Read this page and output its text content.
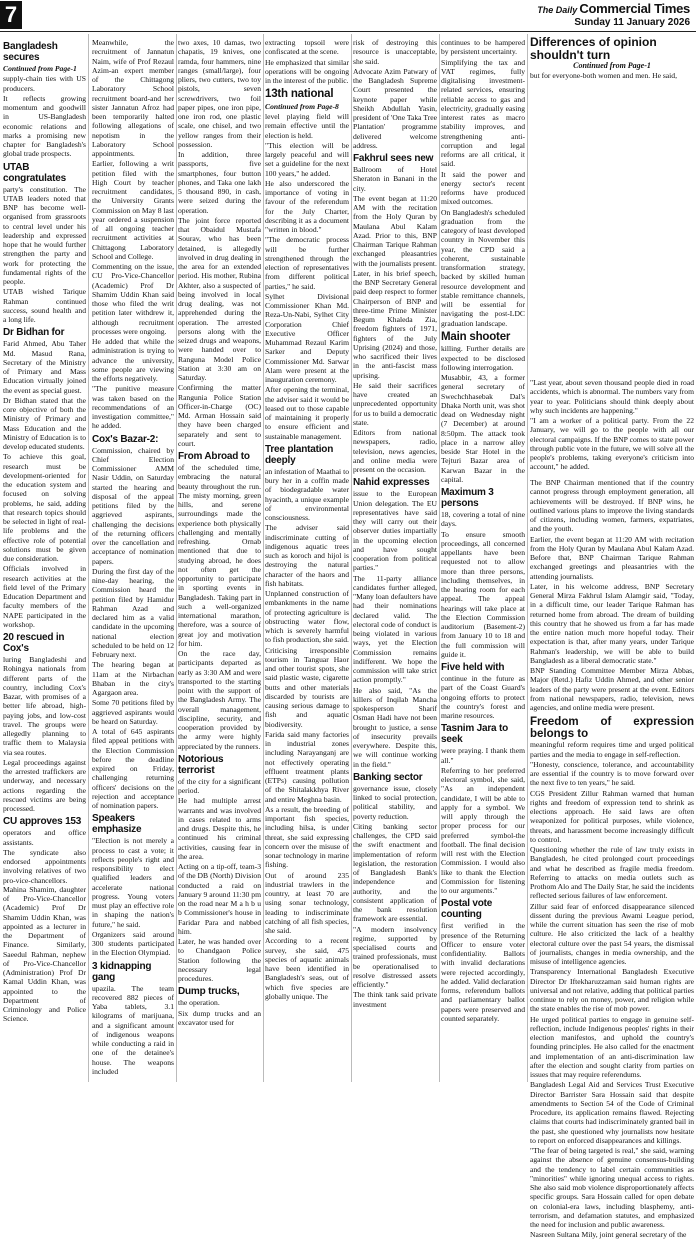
7	The Daily Commercial Times
Sunday 11 January 2026
Bangladesh secures
Continued from Page-1

supply-chain ties with US producers.

It reflects growing momentum and goodwill in US-Bangladesh economic relations and marks a promising new chapter for Bangladesh's global trade prospects.

UTAB congratulates

party's constitution. The UTAB leaders noted that BNP has become well-organised from grassroots to central level under his leadership and expressed hope that he would further strengthen the party and work for protecting the fundamental rights of the people.

UTAB wished Tarique Rahman continued success, sound health and a long life.

Dr Bidhan for

Farid Ahmed, Abu Taher Md. Masud Rana, Secretary of the Ministry of Primary and Mass Education virtually joined the event as special guest.

Dr Bidhan stated that the core objective of both the Ministry of Primary and Mass Education and the Ministry of Education is to develop educated students.

To achieve this goal, research must be development-oriented for the education system and focused on solving problems, he said, adding that research topics should be selected in light of real-life problems and the effective role of potential solutions must be given due consideration.

Officials involved in research activities at the field level of the Primary Education Department and faculty members of the NAPE participated in the workshop.

20 rescued in Cox's

luring Bangladeshi and Rohingya nationals from different parts of the country, including Cox's Bazar, with promises of a better life abroad, high-paying jobs, and low-cost travel. The groups were allegedly planning to traffic them to Malaysia via sea routes.

Legal proceedings against the arrested traffickers are underway, and necessary actions regarding the rescued victims are being processed.

CU approves 153

operators and office assistants.

The syndicate also endorsed appointments involving relatives of two pro-vice-chancellors. Mahina Shamim, daughter of Pro-Vice-Chancellor (Academic) Prof Dr Shamim Uddin Khan, was appointed as a lecturer in the Department of Finance. Similarly, Saeedul Rahman, nephew of Pro-Vice-Chancellor (Administration) Prof Dr Kamal Uddin Khan, was appointed to the Department of Criminology and Police Science.

Meanwhile, the recruitment of Jannatun Naim, wife of Prof Rezaul Azim-an expert member of the Chittagong Laboratory School recruitment board-and her sister Jannatun Afroz had been temporarily halted following allegations of nepotism in the Laboratory School appointments.

Earlier, following a writ petition filed with the High Court by teacher recruitment candidates, the University Grants Commission on May 8 last year ordered a suspension of all ongoing teacher recruitment activities at Chittagong Laboratory School and College.

Commenting on the issue, CU Pro-Vice-Chancellor (Academic) Prof Dr Shamim Uddin Khan said those who filed the writ petition later withdrew it, although recruitment processes were ongoing.

He added that while the administration is trying to advance the university, some people are viewing the efforts negatively.

"The punitive measure was taken based on the recommendations of an investigation committee," he added.

Cox's Bazar-2:

Commission, chaired by Chief Election Commissioner AMM Nasir Uddin, on Saturday started the hearing and disposal of the appeal petitions filed by the aggrieved aspirants, challenging the decisions of the returning officers over the cancellation and acceptance of nomination papers.

During the first day of the nine-day hearing, the Commission heard the petition filed by Hamidur Rahman Azad and declared him as a valid candidate in the upcoming national election scheduled to be held on 12 February next.

The hearing began at 11am at the Nirbachan Bhaban in the city's Agargaon area.

Some 70 petitions filed by aggrieved aspirants would be heard on Saturday.

A total of 645 aspirants filed appeal petitions with the Election Commission before the deadline expired on Friday, challenging returning officers' decisions on the rejection and acceptance of nomination papers.

Speakers emphasize

"Election is not merely a process to cast a vote; it reflects people's right and responsibility to elect qualified leaders and accelerate national progress. Young voters must play an effective role in shaping the nation's future," he said.

Organizers said around 300 students participated in the Election Olympiad.

3 kidnapping gang

upazila. The team recovered 882 pieces of Yaba tablets, 3.1 kilograms of marijuana, and a significant amount of indigenous weapons while conducting a raid in one of the detainee's house. The weapons included

two axes, 10 damas, two chapatis, 19 knives, one ramda, four hammers, nine ranges (small/large), four pliers, two cutters, two toy pistols, seven screwdrivers, two foil paper pipes, one iron pipe, one iron rod, one plastic scale, one chisel, and two yellow ranges from their possession.

In addition, three passports, five smartphones, four button phones, and Taka one lakh 5 thousand 890, in cash, were seized during the operation.

The joint force reported that Obaidul Mustafa Sourav, who has been detained, is allegedly involved in drug dealing in the area for an extended period. His mother, Rubina Akhter, also a suspected of being involved in local drug dealing, was not apprehended during the operation. The arrested persons along with the seized drugs and weapons, were handed over to Ranguna Model Police Station at 3:30 am on Saturday.

Confirming the matter Rangunia Police Station Officer-in-Charge (OC) Md. Arman Hossain said they have been charged separately and sent to court.

From Abroad to

of the scheduled time, embracing the natural beauty throughout the run. The misty morning, green hills, and serene surroundings made the experience both physically challenging and mentally refreshing. Ornab mentioned that due to studying abroad, he does not often get the opportunity to participate in sporting events in Bangladesh. Taking part in such a well-organized international marathon, therefore, was a source of great joy and motivation for him.

On the race day, participants departed as early as 3:30 AM and were transported to the starting point with the support of the Bangladesh Army. The overall management, discipline, security, and cooperation provided by the army were highly appreciated by the runners.

Notorious terrorist

of the city for a significant period.

He had multiple arrest warrants and was involved in cases related to arms and drugs. Despite this, he continued his criminal activities, causing fear in the area.

Acting on a tip-off, team-3 of the DB (North) Division conducted a raid on January 9 around 11:30 pm on the road near M a h b u b Commissioner's house in Faridar Para and nabbed him.

Later, he was handed over to Chandgaon Police Station following the necessary legal procedures.

Dump trucks,

the operation.

Six dump trucks and an excavator used for

extracting topsoil were confiscated at the scene.

He emphasized that similar operations will be ongoing in the interest of the public.

13th national
Continued from Page-8

level playing field will remain effective until the election is held.

"This election will be largely peaceful and will set a guideline for the next 100 years," he added.

He also underscored the importance of voting in favour of the referendum for the July Charter, describing it as a document "written in blood."

"The democratic process will be further strengthened through the election of representatives from different political parties," he said.

Sylhet Divisional Commissioner Khan Md. Reza-Un-Nabi, Sylhet City Corporation Chief Executive Officer Muhammad Rezaul Karim Sarker and Deputy Commissioner Md. Sarwar Alam were present at the inauguration ceremony.

After opening the terminal, the adviser said it would be leased out to those capable of maintaining it properly to ensure efficient and sustainable management.

Tree plantation deeply

an infestation of Maathai to bury her in a coffin made of biodegradable water hyacinth, a unique example of environmental consciousness.

The adviser said indiscriminate cutting of indigenous aquatic trees such as koroch and hijol is destroying the natural character of the haors and fish habitats.

Unplanned construction of embankments in the name of protecting agriculture is obstructing water flow, which is severely harmful to fish production, she said.

Criticising irresponsible tourism in Tanguar Haor and other tourist spots, she said plastic waste, cigarette butts and other materials discarded by tourists are causing serious damage to fish and aquatic biodiversity.

Farida said many factories in industrial zones including Narayanganj are not effectively operating effluent treatment plants (ETPs) causing pollution of the Shitalakkhya River and entire Meghna basin.

As a result, the breeding of important fish species, including hilsa, is under threat, she said expressing concern over the misuse of sonar technology in marine fishing.

Out of around 235 industrial trawlers in the country, at least 70 are using sonar technology, leading to indiscriminate catching of all fish species, she said.

According to a recent survey, she said, 475 species of aquatic animals have been identified in Bangladesh's seas, out of which five species are globally unique. The

risk of destroying this resource is unacceptable, she said.

Advocate Azim Patwary of the Bangladesh Supreme Court presented the keynote paper while Sheikh Abdullah Yasin, president of 'One Taka Tree Plantation' programme delivered welcome address.

Fakhrul sees new

Ballroom of Hotel Sheraton in Banani in the city.

The event began at 11:20 AM with the recitation from the Holy Quran by Maulana Abul Kalam Azad. Prior to this, BNP Chairman Tarique Rahman exchanged pleasantries with the journalists present.

Later, in his brief speech, the BNP Secretary General paid deep respect to former Chairperson of BNP and three-time Prime Minister Begum Khaleda Zia, freedom fighters of 1971, fighters of the July Uprising (2024) and those, who sacrificed their lives in the anti-fascist mass uprising.

He said their sacrifices have created an unprecedented opportunity for us to build a democratic state.

Editors from national newspapers, radio, television, news agencies, and online media were present on the occasion.

Nahid expresses

issue to the European Union delegation. The EU representatives have said they will carry out their observer duties impartially in the upcoming election and have sought cooperation from political parties."

The 11-party alliance candidates further alleged, "Many loan defaulters have had their nominations declared valid. The electoral code of conduct is being violated in various ways, yet the Election Commission remains indifferent. We hope the commission will take strict action promptly."

He also said, "As the killers of Inqilab Mancha spokesperson Sharif Osman Hadi have not been brought to justice, a sense of insecurity prevails everywhere. Despite this, we will continue working in the field."

Banking sector

governance issue, closely linked to social protection, political stability, and poverty reduction.

Citing banking sector challenges, the CPD said the swift enactment and implementation of reform legislation, the restoration of Bangladesh Bank's independence and authority, and the consistent application of the bank resolution framework are essential.

"A modern insolvency regime, supported by specialised courts and trained professionals, must be operationalised to resolve distressed assets efficiently."

The think tank said private investment

continues to be hampered by persistent uncertainty.

Simplifying the tax and VAT regimes, fully digitalising investment-related services, ensuring reliable access to gas and electricity, gradually easing interest rates as macro stability improves, and strengthening anti-corruption and legal reforms are all critical, it said.

It said the power and energy sector's recent reforms have produced mixed outcomes.

On Bangladesh's scheduled graduation from the category of least developed country in November this year, the CPD said a coherent, sustainable transformation strategy, backed by skilled human resource development and stable remittance channels, will be essential for navigating the post-LDC graduation landscape.

Main shooter

killing. Further details are expected to be disclosed following interrogation.

Musabbir, 43, a former general secretary of Swechchhasebak Dal's Dhaka North unit, was shot dead on Wednesday night (7 December) at around 8:50pm. The attack took place in a narrow alley beside Star Hotel in the Tejturi Bazar area of Karwan Bazar in the capital.

Maximum 3 persons

18, covering a total of nine days.

To ensure smooth proceedings, all concerned appellants have been requested not to allow more than three persons, including themselves, in the hearing room for each appeal. The appeal hearings will take place at the Election Commission auditorium (Basement-2) from January 10 to 18 and the full commission will guide it.

Five held with

continue in the future as part of the Coast Guard's ongoing efforts to protect the country's forest and marine resources.

Tasnim Jara to seek

were praying. I thank them all."

Referring to her preferred electoral symbol, she said, "As an independent candidate, I will be able to apply for a symbol. We will apply through the proper process for our preferred symbol-the football. The final decision will rest with the Election Commission. I would also like to thank the Election Commission for listening to our arguments."

Postal vote counting

first verified in the presence of the Returning Officer to ensure voter confidentiality. Ballots with invalid declarations were rejected accordingly, he added. Valid declaration forms, referendum ballots and parliamentary ballot papers were preserved and counted separately.

Differences of opinion shouldn't turn
Continued from Page-1

but for everyone-both women and men. He said,

"Last year, about seven thousand people died in road accidents, which is abnormal. The numbers vary from year to year. Politicians should think deeply about why such incidents are happening."

"I am a worker of a political party. From the 22 January, we will go to the people with all our electoral campaigns. If the BNP comes to state power through public vote in the future, we will solve all the people's problems, taking everyone's criticism into account," he added.

The BNP Chairman mentioned that if the country cannot progress through employment generation, all achievements will be destroyed. If BNP wins, he outlined various plans to improve the living standards of citizens, including women, farmers, expatriates, and the youth.

Earlier, the event began at 11:20 AM with recitation from the Holy Quran by Maulana Abul Kalam Azad. Before that, BNP Chairman Tarique Rahman exchanged greetings and pleasantries with the attending journalists.

Later, in his welcome address, BNP Secretary General Mirza Fakhrul Islam Alamgir said, "Today, in a difficult time, our leader Tarique Rahman has returned home from abroad. The dream of building this country that he showed us from a far has made the entire nation much more hopeful today. Their expectation is that, after many years, under Tarique Rahman's leadership, we will be able to build Bangladesh as a liberal democratic state."

BNP Standing Committee Member Mirza Abbas, Major (Retd.) Hafiz Uddin Ahmed, and other senior leaders of the party were present at the event. Editors from national newspapers, radio, television, news agencies, and online media were present.

Freedom of expression belongs to

meaningful reform requires time and urged political parties and the media to engage in self-reflection.

"Honesty, conscience, tolerance, and accountability are essential if the country is to move forward over the next five to ten years," he said.

CGS President Zillur Rahman warned that human rights and freedom of expression tend to shrink as elections approach. He said laws are often weaponized for political purposes, while violence, threats, and harassment become increasingly difficult to control.

Questioning whether the rule of law truly exists in Bangladesh, he cited prolonged court proceedings and what he described as fragile media freedom. Referring to attacks on media outlets such as Prothom Alo and The Daily Star, he said the incidents reflected serious failures of law enforcement.

Zillur said fear of enforced disappearance silenced dissent during the previous Awami League period, while the current situation has seen the rise of mob culture. He also criticized the lack of a healthy electoral culture over the past 54 years, the dismissal of journalists, changes in media ownership, and the misuse of intelligence agencies.

Transparency International Bangladesh Executive Director Dr Iftekharuzzaman said human rights are universal and not relative, adding that political parties continue to rely on money, power, and religion while the state enables the rise of mob power.

He urged political parties to engage in genuine self-reflection, include Indigenous peoples' rights in their election manifestos, and uphold the country's founding principles. He also called for the enactment and implementation of an anti-discrimination law after the election and sought clarity from parties on issues that may require referendums.

Bangladesh Legal Aid and Services Trust Executive Director Barrister Sara Hossain said that despite amendments to Section 54 of the Code of Criminal Procedure, its application remains flawed. Rejecting claims that courts had indiscriminately granted bail in the past, she questioned why journalists now hesitate to report on enforced disappearances and killings.

"The fear of being targeted is real," she said, warning against the absence of genuine consensus-building and the tendency to label certain communities as "minorities" while ignoring unequal access to rights. She also said mob violence disproportionately affects specific groups. Sara Hossain called for open debate on colonial-era laws, including blasphemy, anti-terrorism, and defamation statutes, and emphasized the need for inclusion and public awareness.

Nasreen Sultana Mily, joint general secretary of the
